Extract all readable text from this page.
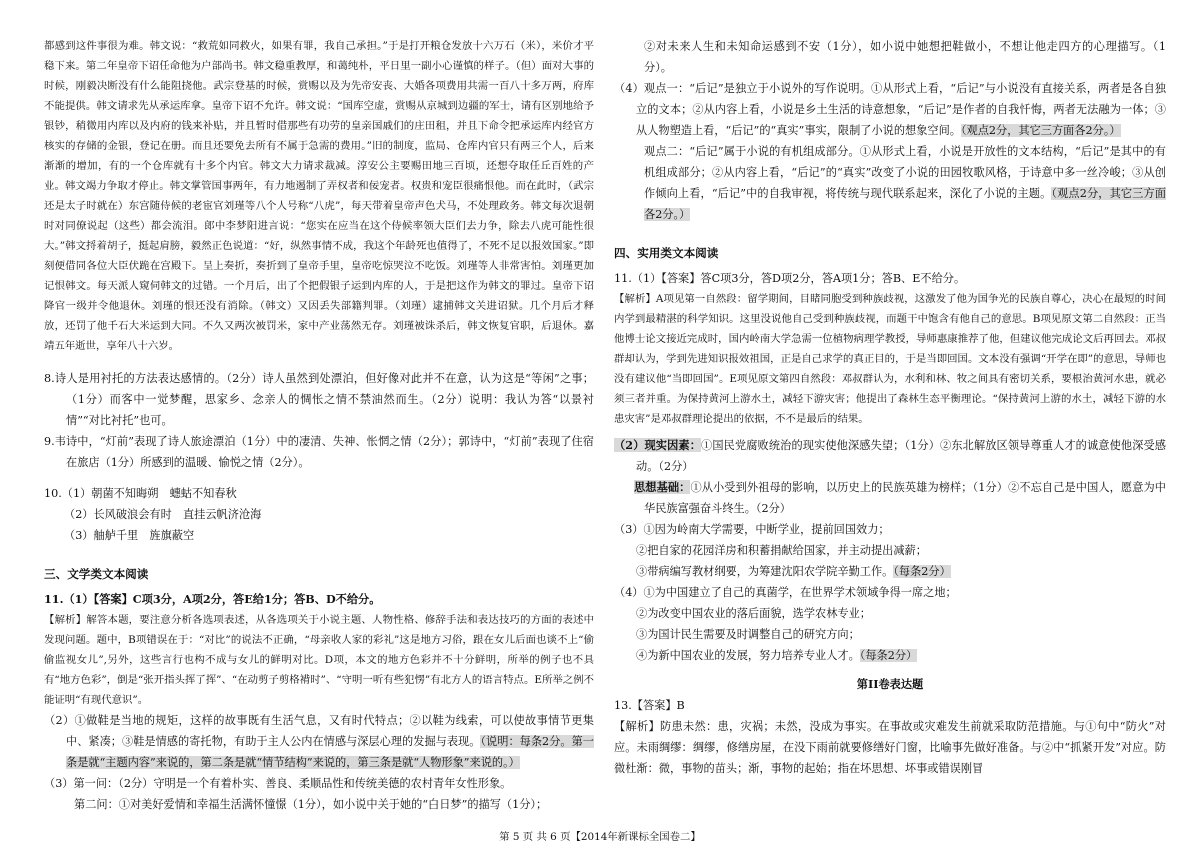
都感到这件事很为难。韩文说：“救荒如同救火，如果有罪，我自己承担。”于是打开粮仓发放十六万石（米），米价才平稳下来。第二年皇帝下诏任命他为户部尚书。韩文稳重教厚，和蔼纯朴，平日里一副小心谨慎的样子。（但）面对大事的时候，刚毅决断没有什么能阻挠他。武宗登基的时候，赏赐以及为先帝安丧、大婚各项费用共需一百八十多万两，府库不能提供。韩文请求先从承运库拿。皇帝下诏不允许。韩文说：“国库空虚，赏赐从京城到边疆的军士，请有区别地给予银钞，稍微用内库以及内府的钱来补贴，并且暂时借那些有功劳的皇亲国戚们的庄田租，并且下命令把承运库内经官方核实的存储的金银，登记在册。而且还要免去所有不属于急需的费用。”旧的制度，监局、仓库内官只有两三个人，后来渐渐的增加，有的一个仓库就有十多个内官。韩文大力请求裁减。淳安公主要赐田地三百顷，还想夺取任丘百姓的产业。韩文竭力争取才停止。韩文掌管国事两年，有力地遏制了弄权者和佞宠者。权贵和宠臣很痛恨他。而在此时，（武宗还是太子时就在）东宫随侍候的老宦官刘瑾等八个人号称“八虎”，每天带着皇帝声色犬马，不处理政务。韩文每次退朝时对同僚说起（这些）都会流泪。郎中李梦阳进言说：“您实在应当在这个侍候率领大臣们去力争，除去八虎可能性很大。”韩文捋着胡子，挺起肩膀，毅然正色说道：“好，纵然事情不成，我这个年龄死也值得了，不死不足以报效国家。”即刻便借同各位大臣伏跪在宫殿下。呈上奏折，奏折到了皇帝手里，皇帝吃惊哭泣不吃饭。刘瑾等人非常害怕。刘瑾更加记恨韩文。每天派人窥伺韩文的过错。一个月后，出了个把假银子运到内库的人，于是把这作为韩文的罪过。皇帝下诏降官一级并令他退休。刘瑾的恨还没有消除。（韩文）又因丢失部籍判罪。（刘瑾）逮捕韩文关进诏狱。几个月后才释放，还罚了他千石大米运到大同。不久又两次被罚米，家中产业荡然无存。刘瑾被诛杀后，韩文恢复官职，后退休。嘉靖五年逝世，享年八十六岁。

8.诗人是用衬托的方法表达感情的。（2分）诗人虽然到处漂泊，但好像对此并不在意，认为这是“等闲”之事；（1分）而客中一觉梦醒，思家乡、念亲人的惆怅之情不禁油然而生。（2分）说明：我认为答“以景衬情”“对比衬托”也可。

9.韦诗中，“灯前”表现了诗人旅途漂泊（1分）中的凄清、失神、怅惘之情（2分）；郭诗中，“灯前”表现了住宿在旅店（1分）所感到的温暖、愉悦之情（2分）。

10.（1）朝菌不知晦朔　蟪蛄不知春秋

（2）长风破浪会有时　直挂云帆济沧海

（3）舳舻千里　旌旗蔽空

三、文学类文本阅读

11.（1）【答案】C项3分，A项2分，答E给1分；答B、D不给分。

【解析】解答本题，要注意分析各选项表述，从各选项关于小说主题、人物性格、修辞手法和表达技巧的方面的表述中发现问题。题中，B项错误在于：“对比”的说法不正确，“母亲收人家的彩礼”这是地方习俗，跟在女儿后面也谈不上“偷偷监视女儿”,另外，这些言行也构不成与女儿的鲜明对比。D项，本文的地方色彩并不十分鲜明，所举的例子也不具有“地方色彩”，倒是“张开指头挥了挥”、“在动剪子剪格褙时”、“守明一听有些犯愣”有北方人的语言特点。E所举之例不能证明“有现代意识”。

（2）①做鞋是当地的规矩，这样的故事既有生活气息，又有时代特点；②以鞋为线索，可以使故事情节更集中、紧凑；③鞋是情感的寄托物，有助于主人公内在情感与深层心理的发掘与表现。（说明：每条2分。第一条是就“主题内容”来说的，第二条是就“情节结构”来说的，第三条是就“人物形象”来说的。）

（3）第一问：（2分）守明是一个有着朴实、善良、柔顺品性和传统美德的农村青年女性形象。

第二问：①对美好爱情和幸福生活满怀憧憬（1分），如小说中关于她的“白日梦”的描写（1分）；

②对未来人生和未知命运感到不安（1分），如小说中她想把鞋做小，不想让他走四方的心理描写。（1分）。

（4）观点一：“后记”是独立于小说外的写作说明。①从形式上看，“后记”与小说没有直接关系，两者是各自独立的文本；②从内容上看，小说是乡土生活的诗意想象，“后记”是作者的自我忏悔，两者无法融为一体；③从人物塑造上看，“后记”的“真实”事实，限制了小说的想象空间。（观点2分，其它三方面各2分。）

观点二：“后记”属于小说的有机组成部分。①从形式上看，小说是开放性的文本结构，“后记”是其中的有机组成部分；②从内容上看，“后记”的“真实”改变了小说的田园牧歌风格，于诗意中多一丝冷峻；③从创作倾向上看，“后记”中的自我审视，将传统与现代联系起来，深化了小说的主题。（观点2分，其它三方面各2分。）

四、实用类文本阅读

11.（1）【答案】答C项3分，答D项2分，答A项1分；答B、E不给分。

【解析】A项见第一自然段：留学期间，目睹同胞受到种族歧视，这激发了他为国争光的民族自尊心，决心在最短的时间内学到最精湛的科学知识。这里没说他自己受到种族歧视，而题干中饱含有他自己的意思。B项见原文第二自然段：正当他博士论文接近完成时，国内岭南大学急需一位植物病理学教授，导师惠康推荐了他，但建议他完成论文后再回去。邓叔群却认为，学到先进知识报效祖国，正是自己求学的真正目的，于是当即回国。文本没有强调“开学在即”的意思，导师也没有建议他“当即回国”。E项见原文第四自然段：邓叔群认为，水利和林、牧之间具有密切关系，要根治黄河水患，就必须三者并重。为保持黄河上游水土，减轻下游灾害；他提出了森林生态平衡理论。“保持黄河上游的水土，减轻下游的水患灾害”是邓叔群理论提出的依据，不不是最后的结果。

（2）现实因素：①国民党腐败统治的现实使他深感失望；（1分）②东北解放区领导尊重人才的诚意使他深受感动。（2分）

思想基础：①从小受到外祖母的影响，以历史上的民族英雄为榜样；（1分）②不忘自己是中国人，愿意为中华民族富强奋斗终生。（2分）

（3）①因为岭南大学需要，中断学业，提前回国效力；

②把自家的花园洋房和积蓄捐献给国家，并主动提出减薪；

③带病编写教材纲要，为筹建沈阳农学院辛勤工作。（每条2分）

（4）①为中国建立了自己的真菌学，在世界学术领域争得一席之地；

②为改变中国农业的落后面貌，选学农林专业；

③为国计民生需要及时调整自己的研究方向；

④为新中国农业的发展，努力培养专业人才。（每条2分）

第II卷表达题

13.【答案】B

【解析】防患未然：患，灾祸；未然，没成为事实。在事故或灾难发生前就采取防范措施。与①句中“防火”对应。未雨绸缪：绸缪，修缮房屋，在没下雨前就要修缮好门窗，比喻事先做好准备。与②中“抓紧开发”对应。防微杜渐：微，事物的苗头；渐，事物的起始；指在坏思想、坏事或错误刚冒

第 5 页 共 6 页【2014年新课标全国卷二】
